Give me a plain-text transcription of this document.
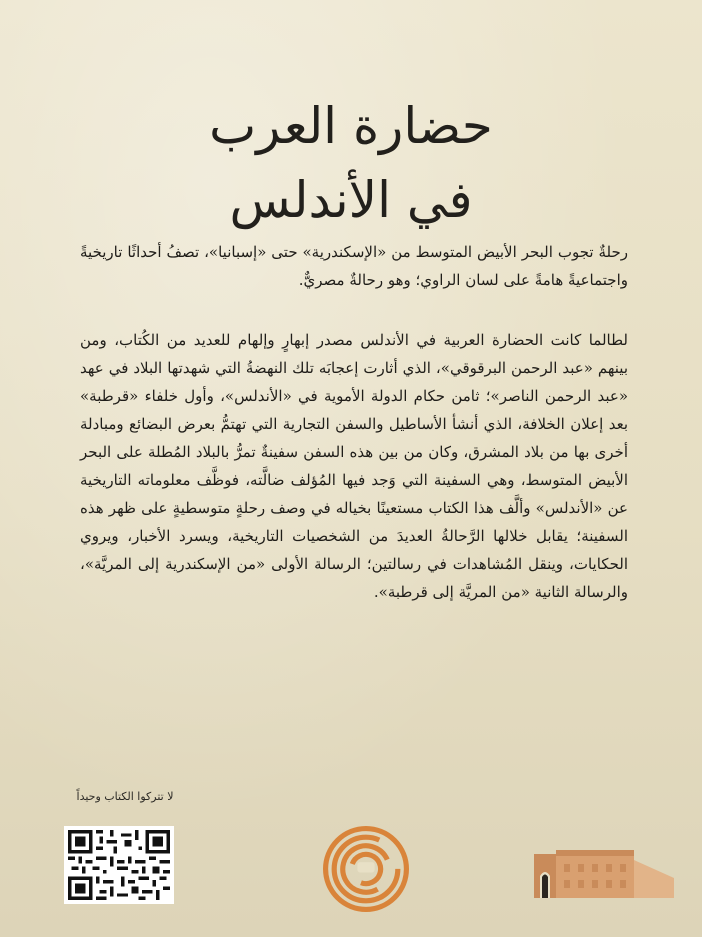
حضارة العرب
في الأندلس

رحلةٌ تجوب البحر الأبيض المتوسط من «الإسكندرية» حتى «إسبانيا»، تصفُ أحداثًا تاريخيةً واجتماعيةً هامةً على لسان الراوي؛ وهو رحالةٌ مصريٌّ.

لطالما كانت الحضارة العربية في الأندلس مصدر إبهارٍ وإلهام للعديد من الكُتاب، ومن بينهم «عبد الرحمن البرقوقي»، الذي أثارت إعجابَه تلك النهضةُ التي شهدتها البلاد في عهد «عبد الرحمن الناصر»؛ ثامن حكام الدولة الأموية في «الأندلس»، وأول خلفاء «قرطبة» بعد إعلان الخلافة، الذي أنشأ الأساطيل والسفن التجارية التي تهتمُّ بعرض البضائع ومبادلة أخرى بها من بلاد المشرق، وكان من بين هذه السفن سفينةٌ تمرُّ بالبلاد المُطلة على البحر الأبيض المتوسط، وهي السفينة التي وَجد فيها المُؤلف ضالَّته، فوظَّف معلوماته التاريخية عن «الأندلس» وألَّف هذا الكتاب مستعينًا بخياله في وصف رحلةٍ متوسطيةٍ على ظهر هذه السفينة؛ يقابل خلالها الرَّحالةُ العديدَ من الشخصيات التاريخية، ويسرد الأخبار، ويروي الحكايات، وينقل المُشاهدات في رسالتين؛ الرسالة الأولى «من الإسكندرية إلى المريَّة»، والرسالة الثانية «من المريَّة إلى قرطبة».

لا تتركوا الكتاب وحيداً
